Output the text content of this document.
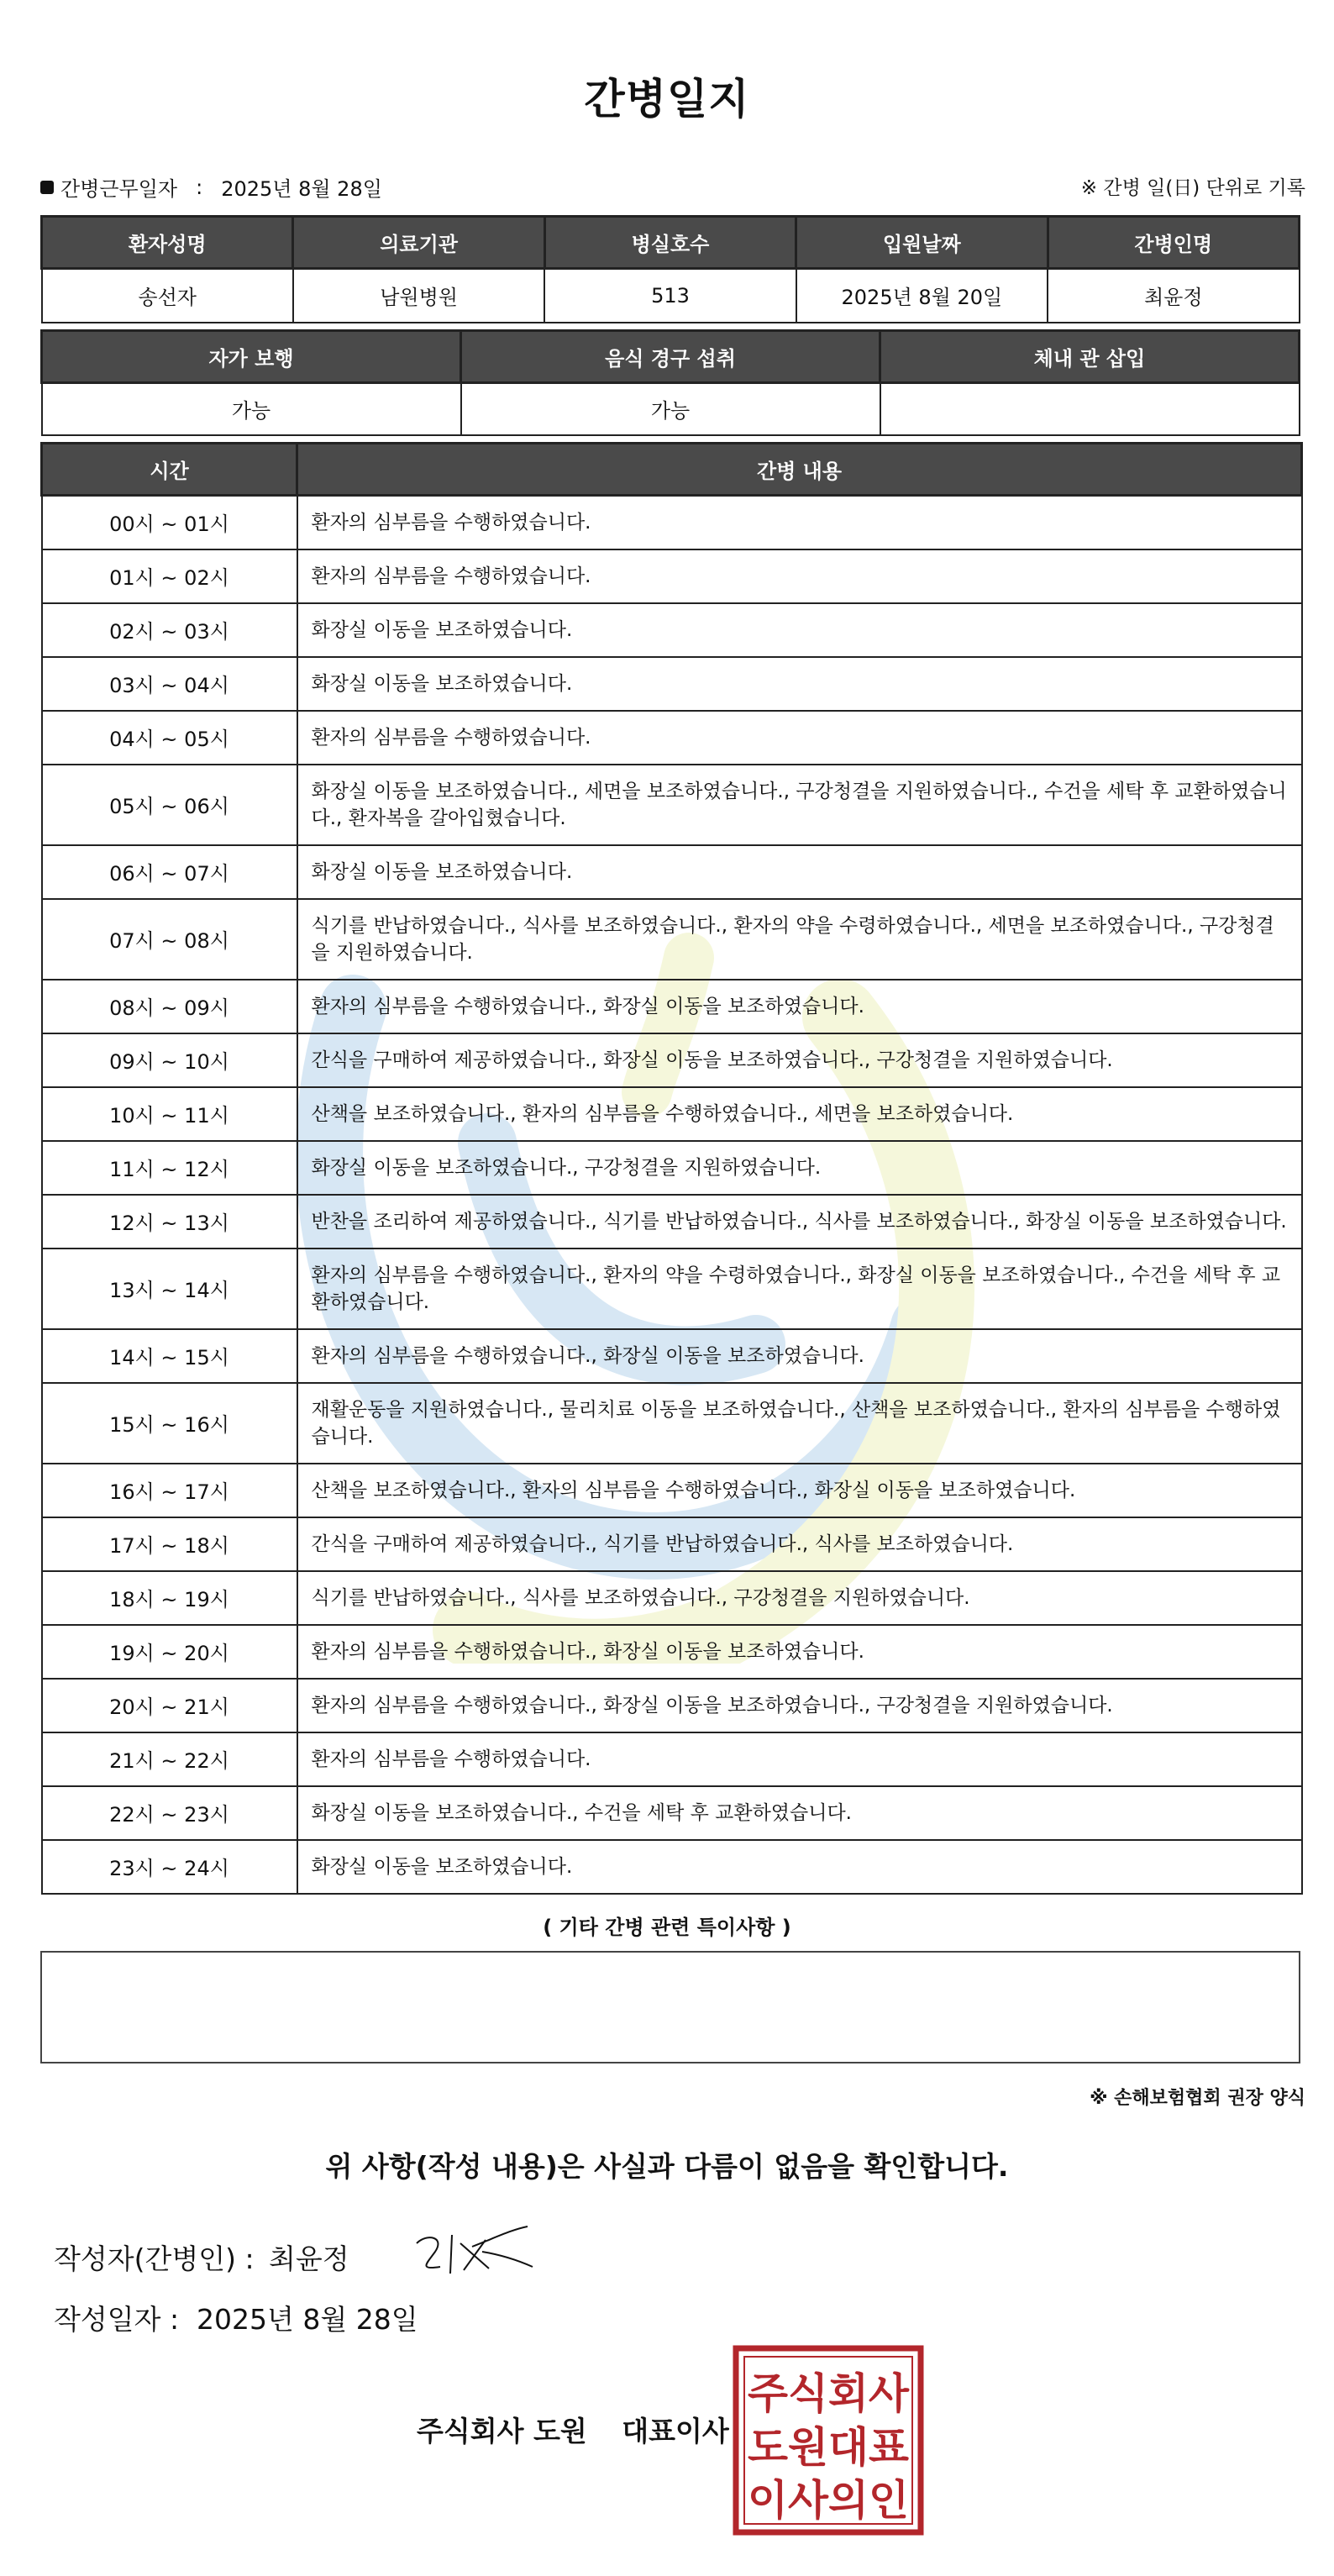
간병일지
간병근무일자 : 2025년 8월 28일	※ 간병 일(日) 단위로 기록
환자성명	의료기관	병실호수	입원날짜	간병인명
송선자	남원병원	513	2025년 8월 20일	최윤정
자가 보행	음식 경구 섭취	체내 관 삽입
가능	가능	
시간	간병 내용
00시 ~ 01시	환자의 심부름을 수행하였습니다.
01시 ~ 02시	환자의 심부름을 수행하였습니다.
02시 ~ 03시	화장실 이동을 보조하였습니다.
03시 ~ 04시	화장실 이동을 보조하였습니다.
04시 ~ 05시	환자의 심부름을 수행하였습니다.
05시 ~ 06시	화장실 이동을 보조하였습니다., 세면을 보조하였습니다., 구강청결을 지원하였습니다., 수건을 세탁 후 교환하였습니다., 환자복을 갈아입혔습니다.
06시 ~ 07시	화장실 이동을 보조하였습니다.
07시 ~ 08시	식기를 반납하였습니다., 식사를 보조하였습니다., 환자의 약을 수령하였습니다., 세면을 보조하였습니다., 구강청결을 지원하였습니다.
08시 ~ 09시	환자의 심부름을 수행하였습니다., 화장실 이동을 보조하였습니다.
09시 ~ 10시	간식을 구매하여 제공하였습니다., 화장실 이동을 보조하였습니다., 구강청결을 지원하였습니다.
10시 ~ 11시	산책을 보조하였습니다., 환자의 심부름을 수행하였습니다., 세면을 보조하였습니다.
11시 ~ 12시	화장실 이동을 보조하였습니다., 구강청결을 지원하였습니다.
12시 ~ 13시	반찬을 조리하여 제공하였습니다., 식기를 반납하였습니다., 식사를 보조하였습니다., 화장실 이동을 보조하였습니다.
13시 ~ 14시	환자의 심부름을 수행하였습니다., 환자의 약을 수령하였습니다., 화장실 이동을 보조하였습니다., 수건을 세탁 후 교환하였습니다.
14시 ~ 15시	환자의 심부름을 수행하였습니다., 화장실 이동을 보조하였습니다.
15시 ~ 16시	재활운동을 지원하였습니다., 물리치료 이동을 보조하였습니다., 산책을 보조하였습니다., 환자의 심부름을 수행하였습니다.
16시 ~ 17시	산책을 보조하였습니다., 환자의 심부름을 수행하였습니다., 화장실 이동을 보조하였습니다.
17시 ~ 18시	간식을 구매하여 제공하였습니다., 식기를 반납하였습니다., 식사를 보조하였습니다.
18시 ~ 19시	식기를 반납하였습니다., 식사를 보조하였습니다., 구강청결을 지원하였습니다.
19시 ~ 20시	환자의 심부름을 수행하였습니다., 화장실 이동을 보조하였습니다.
20시 ~ 21시	환자의 심부름을 수행하였습니다., 화장실 이동을 보조하였습니다., 구강청결을 지원하였습니다.
21시 ~ 22시	환자의 심부름을 수행하였습니다.
22시 ~ 23시	화장실 이동을 보조하였습니다., 수건을 세탁 후 교환하였습니다.
23시 ~ 24시	화장실 이동을 보조하였습니다.
( 기타 간병 관련 특이사항 )
※ 손해보험협회 권장 양식
위 사항(작성 내용)은 사실과 다름이 없음을 확인합니다.
작성자(간병인) : 최윤정
작성일자 : 2025년 8월 28일
주식회사 도원 대표이사
주식회사
도원대표
이사의인
